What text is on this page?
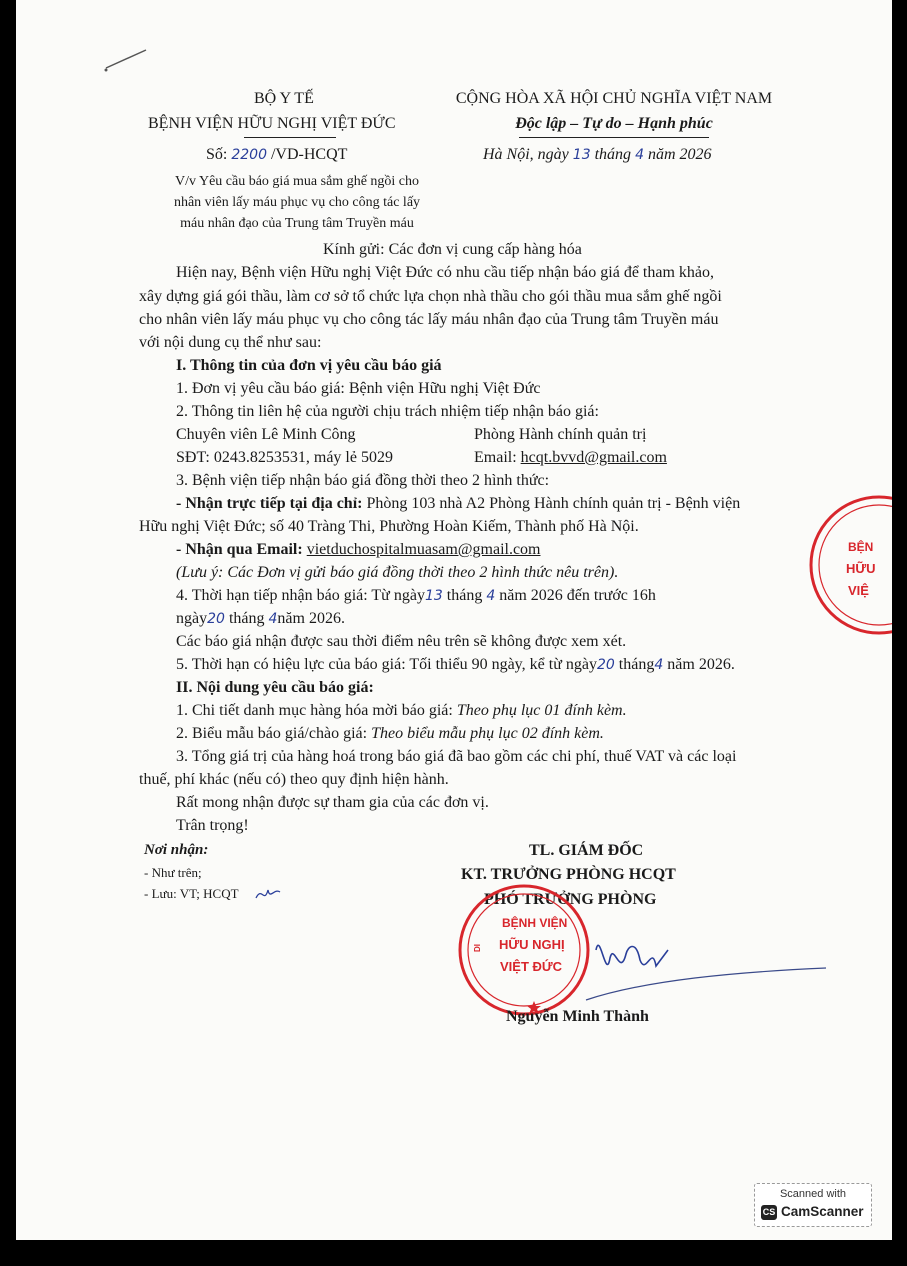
BỘ Y TẾ
BỆNH VIỆN HỮU NGHỊ VIỆT ĐỨC
Số: 2200 /VD-HCQT
V/v Yêu cầu báo giá mua sắm ghế ngồi cho
nhân viên lấy máu phục vụ cho công tác lấy
máu nhân đạo của Trung tâm Truyền máu
CỘNG HÒA XÃ HỘI CHỦ NGHĨA VIỆT NAM
Độc lập – Tự do – Hạnh phúc
Hà Nội, ngày 13 tháng 4 năm 2026
Kính gửi: Các đơn vị cung cấp hàng hóa
Hiện nay, Bệnh viện Hữu nghị Việt Đức có nhu cầu tiếp nhận báo giá để tham khảo,
xây dựng giá gói thầu, làm cơ sở tổ chức lựa chọn nhà thầu cho gói thầu mua sắm ghế ngồi
cho nhân viên lấy máu phục vụ cho công tác lấy máu nhân đạo của Trung tâm Truyền máu
với nội dung cụ thể như sau:
I. Thông tin của đơn vị yêu cầu báo giá
1. Đơn vị yêu cầu báo giá: Bệnh viện Hữu nghị Việt Đức
2. Thông tin liên hệ của người chịu trách nhiệm tiếp nhận báo giá:
Chuyên viên Lê Minh Công	Phòng Hành chính quản trị
SĐT: 0243.8253531, máy lẻ 5029	Email: hcqt.bvvd@gmail.com
3. Bệnh viện tiếp nhận báo giá đồng thời theo 2 hình thức:
- Nhận trực tiếp tại địa chỉ: Phòng 103 nhà A2 Phòng Hành chính quản trị - Bệnh viện
Hữu nghị Việt Đức; số 40 Tràng Thi, Phường Hoàn Kiếm, Thành phố Hà Nội.
- Nhận qua Email: vietduchospitalmuasam@gmail.com
(Lưu ý: Các Đơn vị gửi báo giá đồng thời theo 2 hình thức nêu trên).
4. Thời hạn tiếp nhận báo giá: Từ ngày13 tháng 4 năm 2026 đến trước 16h
ngày20 tháng 4năm 2026.
Các báo giá nhận được sau thời điểm nêu trên sẽ không được xem xét.
5. Thời hạn có hiệu lực của báo giá: Tối thiểu 90 ngày, kể từ ngày20 tháng4 năm 2026.
II. Nội dung yêu cầu báo giá:
1. Chi tiết danh mục hàng hóa mời báo giá: Theo phụ lục 01 đính kèm.
2. Biểu mẫu báo giá/chào giá: Theo biểu mẫu phụ lục 02 đính kèm.
3. Tổng giá trị của hàng hoá trong báo giá đã bao gồm các chi phí, thuế VAT và các loại
thuế, phí khác (nếu có) theo quy định hiện hành.
Rất mong nhận được sự tham gia của các đơn vị.
Trân trọng!
Nơi nhận:
- Như trên;
- Lưu: VT; HCQT
TL. GIÁM ĐỐC
KT. TRƯỞNG PHÒNG HCQT
PHÓ TRƯỞNG PHÒNG
BỆNH VIỆN
HỮU NGHỊ
VIỆT ĐỨC
DI
Nguyễn Minh Thành
BỆN
HỮU
VIỆ
Scanned with
CS CamScanner
